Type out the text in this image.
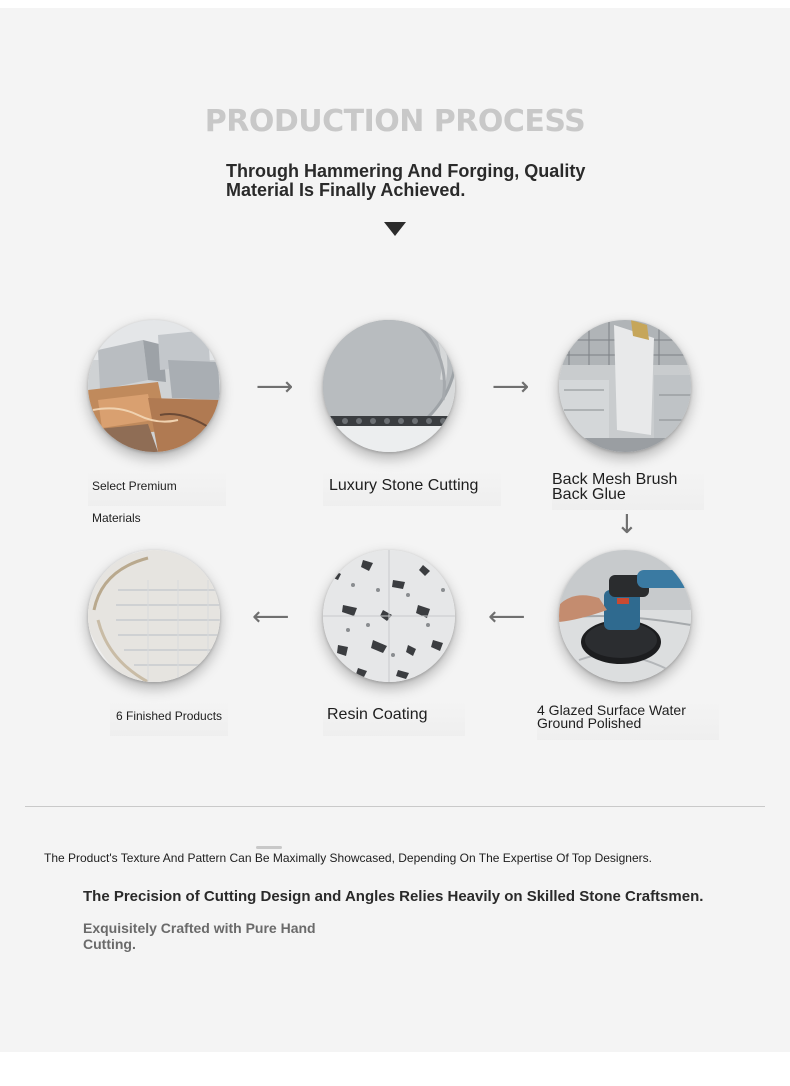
PRODUCTION PROCESS
Through Hammering And Forging, Quality Material Is Finally Achieved.
Select Premium Materials
⟶
Luxury Stone Cutting
⟶
Back Mesh Brush Back Glue
↓
6 Finished Products
⟵
Resin Coating
⟵
4 Glazed Surface Water Ground Polished
The Product's Texture And Pattern Can Be Maximally Showcased, Depending On The Expertise Of Top Designers.
The Precision of Cutting Design and Angles Relies Heavily on Skilled Stone Craftsmen.
Exquisitely Crafted with Pure Hand Cutting.
